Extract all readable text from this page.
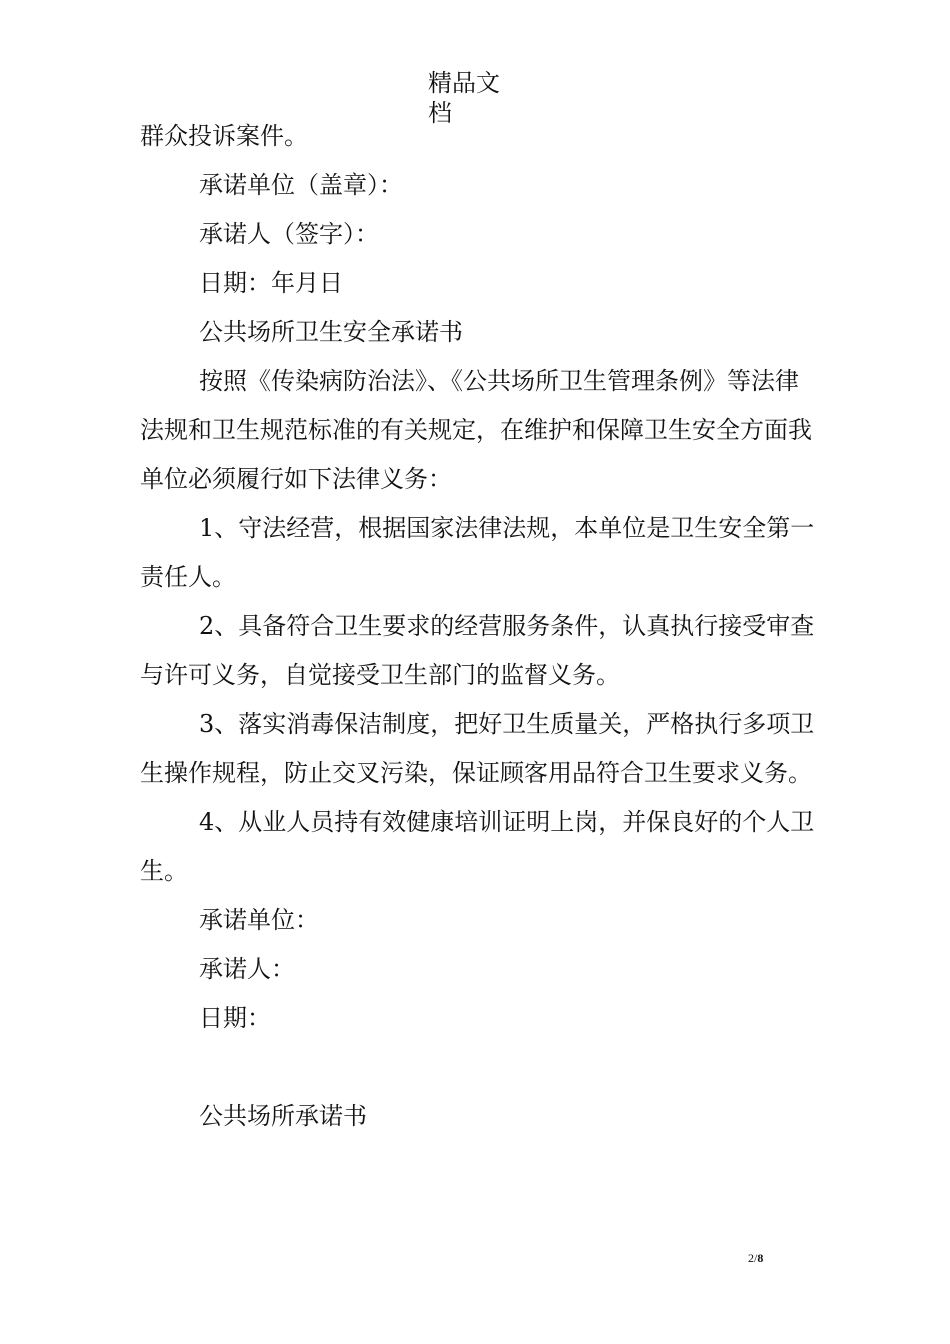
精品文档

群众投诉案件。

承诺单位（盖章）：

承诺人（签字）：

日期：年月日

公共场所卫生安全承诺书

按照《传染病防治法》、《公共场所卫生管理条例》等法律法规和卫生规范标准的有关规定，在维护和保障卫生安全方面我单位必须履行如下法律义务：

1、守法经营，根据国家法律法规，本单位是卫生安全第一责任人。

2、具备符合卫生要求的经营服务条件，认真执行接受审查与许可义务，自觉接受卫生部门的监督义务。

3、落实消毒保洁制度，把好卫生质量关，严格执行多项卫生操作规程，防止交叉污染，保证顾客用品符合卫生要求义务。

4、从业人员持有效健康培训证明上岗，并保良好的个人卫生。

承诺单位：

承诺人：

日期：

公共场所承诺书

2/8
